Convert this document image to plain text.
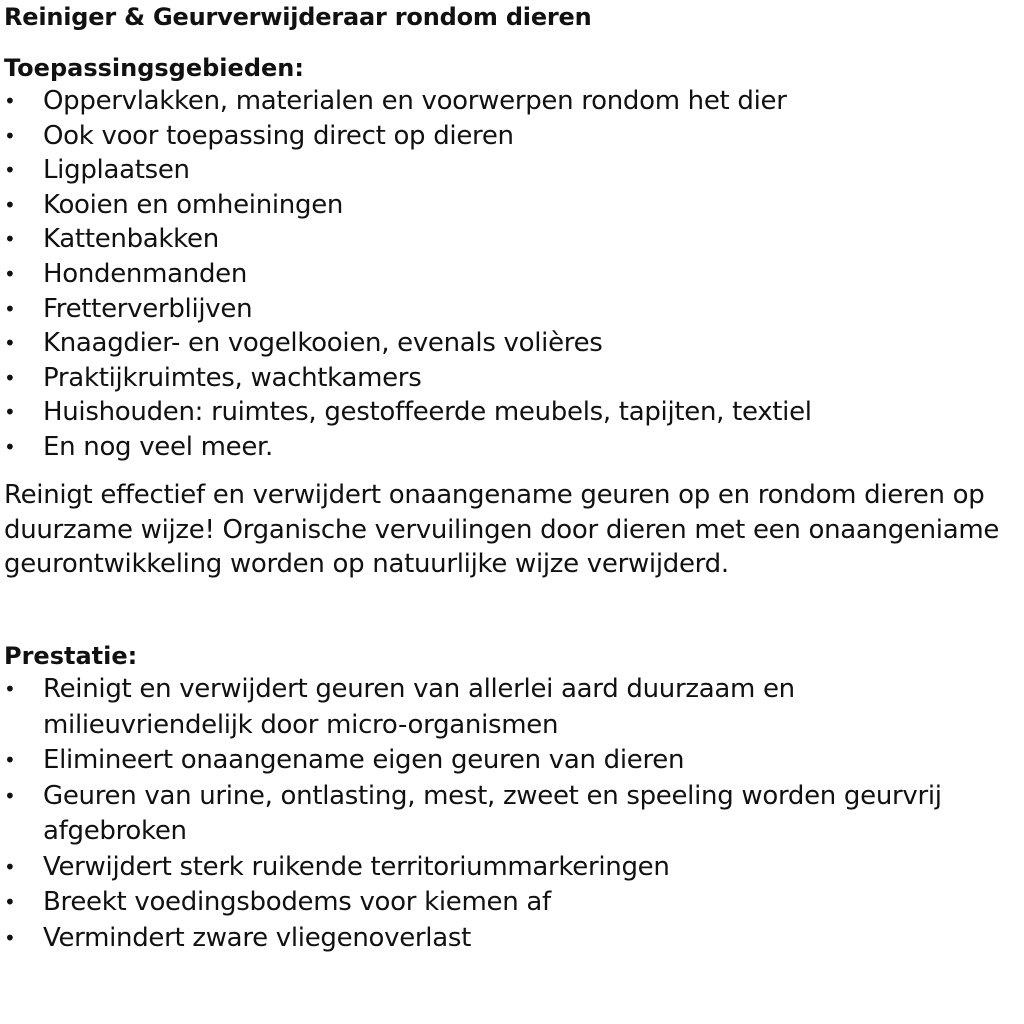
Reiniger & Geurverwijderaar rondom dieren
Toepassingsgebieden:
•	Oppervlakken, materialen en voorwerpen rondom het dier
•	Ook voor toepassing direct op dieren
•	Ligplaatsen
•	Kooien en omheiningen
•	Kattenbakken
•	Hondenmanden
•	Fretterverblijven
•	Knaagdier- en vogelkooien, evenals volières
•	Praktijkruimtes, wachtkamers
•	Huishouden: ruimtes, gestoffeerde meubels, tapijten, textiel
•	En nog veel meer.

Reinigt effectief en verwijdert onaangename geuren op en rondom dieren op duurzame wijze! Organische vervuilingen door dieren met een onaangeniame geurontwikkeling worden op natuurlijke wijze verwijderd.

Prestatie:
•	Reinigt en verwijdert geuren van allerlei aard duurzaam en milieuvriendelijk door micro-organismen
•	Elimineert onaangename eigen geuren van dieren
•	Geuren van urine, ontlasting, mest, zweet en speeling worden geurvrij afgebroken
•	Verwijdert sterk ruikende territoriummarkeringen
•	Breekt voedingsbodems voor kiemen af
•	Vermindert zware vliegenoverlast
